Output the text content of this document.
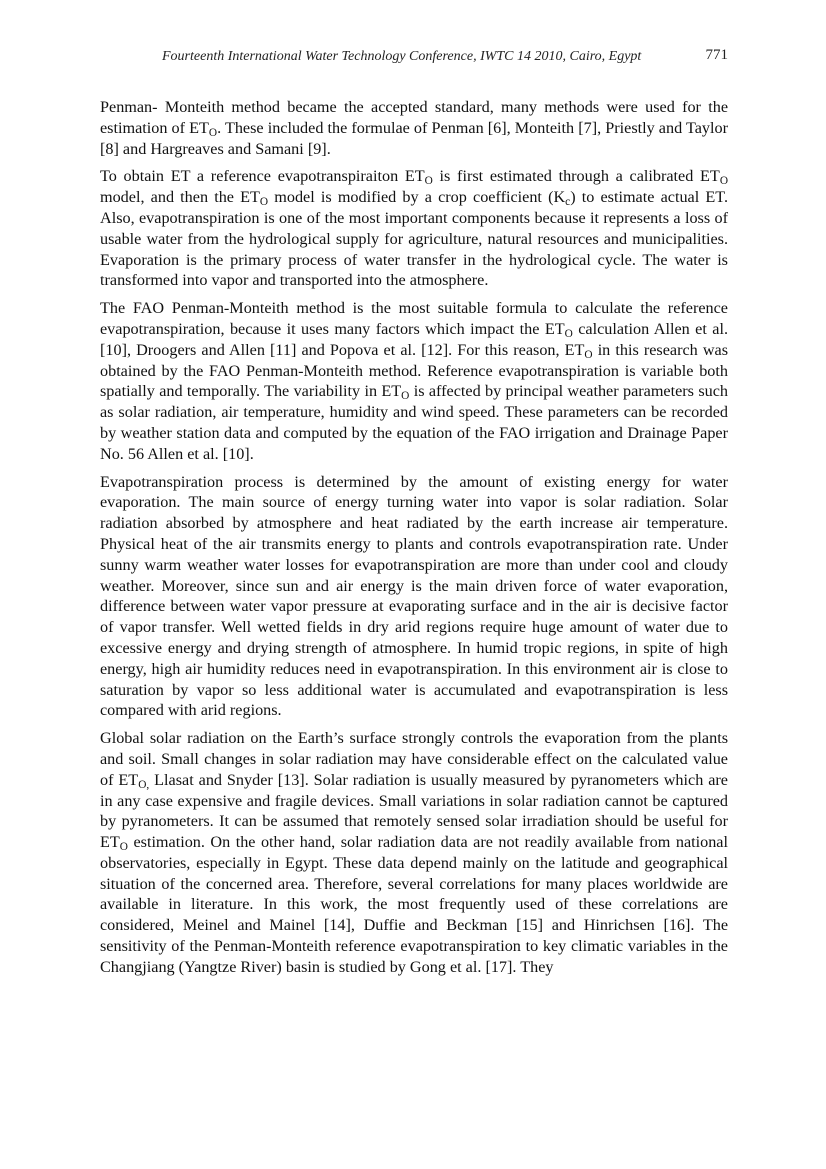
Fourteenth International Water Technology Conference, IWTC 14 2010, Cairo, Egypt	771

Penman- Monteith method became the accepted standard, many methods were used for the estimation of $ET_O$. These included the formulae of Penman [6], Monteith [7], Priestly and Taylor [8] and Hargreaves and Samani [9].

To obtain ET a reference evapotranspiraiton $ET_O$ is first estimated through a calibrated $ET_O$ model, and then the $ET_O$ model is modified by a crop coefficient $(K_c)$ to estimate actual ET. Also, evapotranspiration is one of the most important components because it represents a loss of usable water from the hydrological supply for agriculture, natural resources and municipalities. Evaporation is the primary process of water transfer in the hydrological cycle. The water is transformed into vapor and transported into the atmosphere.

The FAO Penman-Monteith method is the most suitable formula to calculate the reference evapotranspiration, because it uses many factors which impact the $ET_O$ calculation Allen et al. [10], Droogers and Allen [11] and Popova et al. [12]. For this reason, $ET_O$ in this research was obtained by the FAO Penman-Monteith method. Reference evapotranspiration is variable both spatially and temporally. The variability in $ET_O$ is affected by principal weather parameters such as solar radiation, air temperature, humidity and wind speed. These parameters can be recorded by weather station data and computed by the equation of the FAO irrigation and Drainage Paper No. 56 Allen et al. [10].

Evapotranspiration process is determined by the amount of existing energy for water evaporation. The main source of energy turning water into vapor is solar radiation. Solar radiation absorbed by atmosphere and heat radiated by the earth increase air temperature. Physical heat of the air transmits energy to plants and controls evapotranspiration rate. Under sunny warm weather water losses for evapotranspiration are more than under cool and cloudy weather. Moreover, since sun and air energy is the main driven force of water evaporation, difference between water vapor pressure at evaporating surface and in the air is decisive factor of vapor transfer. Well wetted fields in dry arid regions require huge amount of water due to excessive energy and drying strength of atmosphere. In humid tropic regions, in spite of high energy, high air humidity reduces need in evapotranspiration. In this environment air is close to saturation by vapor so less additional water is accumulated and evapotranspiration is less compared with arid regions.

Global solar radiation on the Earth’s surface strongly controls the evaporation from the plants and soil. Small changes in solar radiation may have considerable effect on the calculated value of $ET_{O,}$ Llasat and Snyder [13]. Solar radiation is usually measured by pyranometers which are in any case expensive and fragile devices. Small variations in solar radiation cannot be captured by pyranometers. It can be assumed that remotely sensed solar irradiation should be useful for $ET_O$ estimation. On the other hand, solar radiation data are not readily available from national observatories, especially in Egypt. These data depend mainly on the latitude and geographical situation of the concerned area. Therefore, several correlations for many places worldwide are available in literature. In this work, the most frequently used of these correlations are considered, Meinel and Mainel [14], Duffie and Beckman [15] and Hinrichsen [16]. The sensitivity of the Penman-Monteith reference evapotranspiration to key climatic variables in the Changjiang (Yangtze River) basin is studied by Gong et al. [17]. They
